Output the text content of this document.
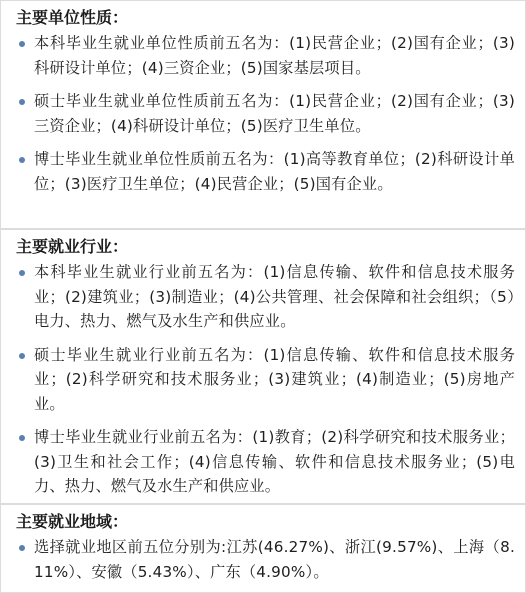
主要单位性质：
本科毕业生就业单位性质前五名为：(1)民营企业；(2)国有企业；(3)科研设计单位；(4)三资企业；(5)国家基层项目。
硕士毕业生就业单位性质前五名为：(1)民营企业；(2)国有企业；(3)三资企业；(4)科研设计单位；(5)医疗卫生单位。
博士毕业生就业单位性质前五名为：(1)高等教育单位；(2)科研设计单位；(3)医疗卫生单位；(4)民营企业；(5)国有企业。
主要就业行业：
本科毕业生就业行业前五名为：(1)信息传输、软件和信息技术服务业；(2)建筑业；(3)制造业；(4)公共管理、社会保障和社会组织；（5）电力、热力、燃气及水生产和供应业。
硕士毕业生就业行业前五名为：(1)信息传输、软件和信息技术服务业；(2)科学研究和技术服务业；(3)建筑业；(4)制造业；(5)房地产业。
博士毕业生就业行业前五名为：(1)教育；(2)科学研究和技术服务业；(3)卫生和社会工作；(4)信息传输、软件和信息技术服务业；(5)电力、热力、燃气及水生产和供应业。
主要就业地域：
选择就业地区前五位分别为:江苏(46.27%)、浙江(9.57%)、上海（8.11%）、安徽（5.43%）、广东（4.90%）。
